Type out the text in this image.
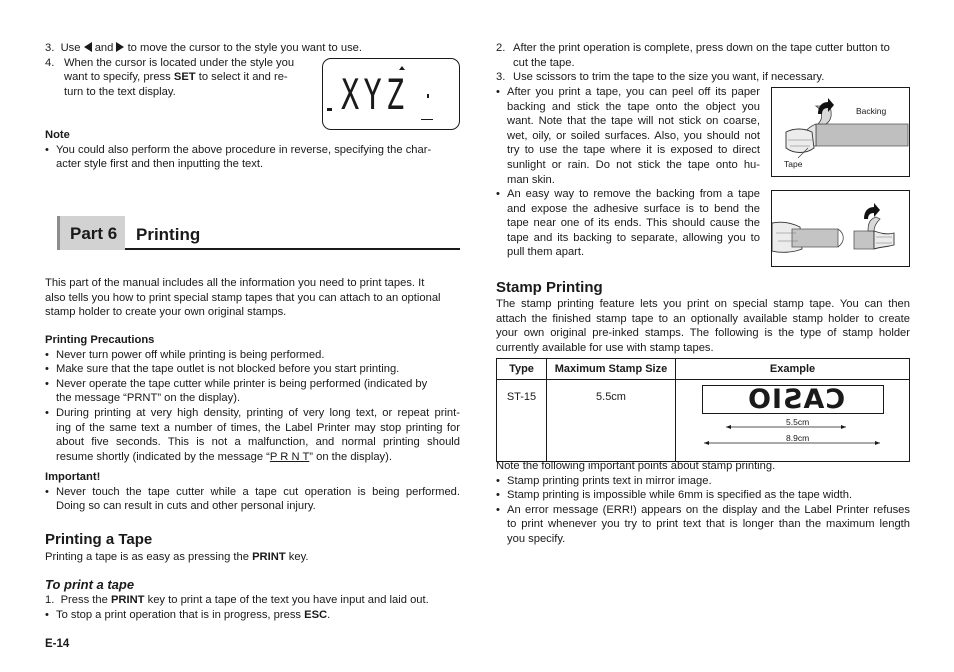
3. Use and to move the cursor to the style you want to use.

4. When the cursor is located under the style you

want to specify, press SET to select it and re-

turn to the text display.	XYZ

Note

• You could also perform the above procedure in reverse, specifying the char-

acter style first and then inputting the text.

Part 6 Printing

This part of the manual includes all the information you need to print tapes. It

also tells you how to print special stamp tapes that you can attach to an optional

stamp holder to create your own original stamps.

Printing Precautions

• Never turn power off while printing is being performed.

• Make sure that the tape outlet is not blocked before you start printing.

• Never operate the tape cutter while printer is being performed (indicated by

the message “PRNT” on the display).

• During printing at very high density, printing of very long text, or repeat print-

ing of the same text a number of times, the Label Printer may stop printing for

about five seconds. This is not a malfunction, and normal printing should

resume shortly (indicated by the message “P R N T” on the display).

Important!

• Never touch the tape cutter while a tape cut operation is being performed.

Doing so can result in cuts and other personal injury.

Printing a Tape

Printing a tape is as easy as pressing the PRINT key.

To print a tape

1. Press the PRINT key to print a tape of the text you have input and laid out.

• To stop a print operation that is in progress, press ESC.

E-14
2. After the print operation is complete, press down on the tape cutter button to

cut the tape.

3. Use scissors to trim the tape to the size you want, if necessary.

• After you print a tape, you can peel off its paper

backing and stick the tape onto the object you

want. Note that the tape will not stick on coarse,

wet, oily, or soiled surfaces. Also, you should not

try to use the tape where it is exposed to direct

sunlight or rain. Do not stick the tape onto hu-

man skin.

Backing
Tape

• An easy way to remove the backing from a tape

and expose the adhesive surface is to bend the

tape near one of its ends. This should cause the

tape and its backing to separate, allowing you to

pull them apart.

Stamp Printing

The stamp printing feature lets you print on special stamp tape. You can then

attach the finished stamp tape to an optionally available stamp holder to create

your own original pre-inked stamps. The following is the type of stamp holder

currently available for use with stamp tapes.

Type	Maximum Stamp Size	Example
ST-15	5.5cm	CASIO
5.5cm
8.9cm

Note the following important points about stamp printing.

• Stamp printing prints text in mirror image.

• Stamp printing is impossible while 6mm is specified as the tape width.

• An error message (ERR!) appears on the display and the Label Printer refuses

to print whenever you try to print text that is longer than the maximum length

you specify.
